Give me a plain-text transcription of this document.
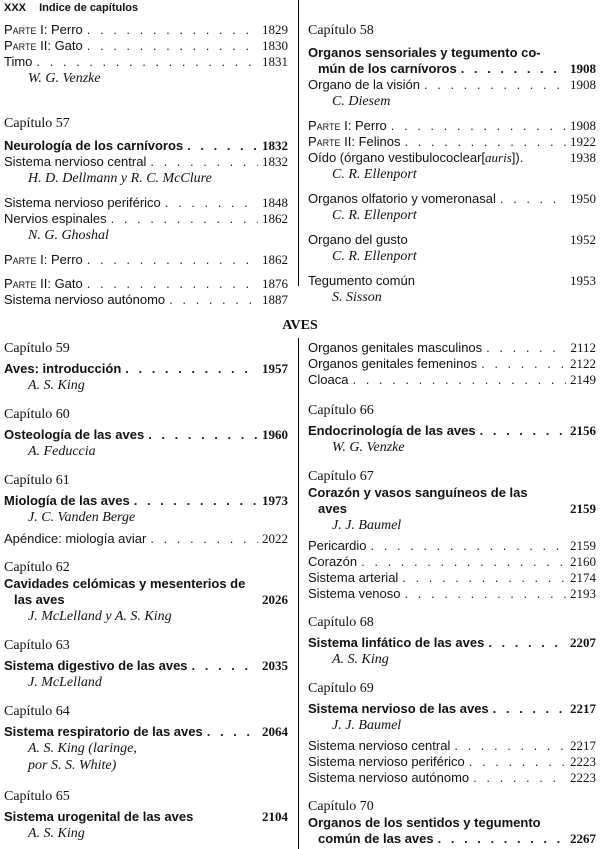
XXX Indice de capítulos
Parte I: Perro . . .	1829
Parte II: Gato . . .	1830
Timo . . .	1831
W. G. Venzke
Capítulo 57
Neurología de los carnívoros . . .	1832
Sistema nervioso central . . .	1832
H. D. Dellmann y R. C. McClure
Sistema nervioso periférico . . .	1848
Nervios espinales . . .	1862
N. G. Ghoshal
Parte I: Perro . . .	1862
Parte II: Gato . . .	1876
Sistema nervioso autónomo . . .	1887
Capítulo 58
Organos sensoriales y tegumento co-
mún de los carnívoros . . .	1908
Organo de la visión . . .	1908
C. Diesem
Parte I: Perro . . .	1908
Parte II: Felinos . . .	1922
Oído (órgano vestibulococlear[auris]).	1938
C. R. Ellenport
Organos olfatorio y vomeronasal . . .	1950
C. R. Ellenport
Organo del gusto	1952
C. R. Ellenport
Tegumento común	1953
S. Sisson
AVES
Capítulo 59
Aves: introducción . . .	1957
A. S. King
Capítulo 60
Osteología de las aves . . .	1960
A. Feduccia
Capítulo 61
Miología de las aves . . .	1973
J. C. Vanden Berge
Apéndice: miología aviar . . .	2022
Capítulo 62
Cavidades celómicas y mesenterios de
las aves	2026
J. McLelland y A. S. King
Capítulo 63
Sistema digestivo de las aves . . .	2035
J. McLelland
Capítulo 64
Sistema respiratorio de las aves . . .	2064
A. S. King (laringe,
por S. S. White)
Capítulo 65
Sistema urogenital de las aves	2104
A. S. King
Organos genitales masculinos . . .	2112
Organos genitales femeninos . . .	2122
Cloaca . . .	2149
Capítulo 66
Endocrinología de las aves . . .	2156
W. G. Venzke
Capítulo 67
Corazón y vasos sanguíneos de las
aves	2159
J. J. Baumel
Pericardio . . .	2159
Corazón . . .	2160
Sistema arterial . . .	2174
Sistema venoso . . .	2193
Capítulo 68
Sistema linfático de las aves . . .	2207
A. S. King
Capítulo 69
Sistema nervioso de las aves . . .	2217
J. J. Baumel
Sistema nervioso central . . .	2217
Sistema nervioso periférico . . .	2223
Sistema nervioso autónomo . . .	2223
Capítulo 70
Organos de los sentidos y tegumento
común de las aves . . .	2267
